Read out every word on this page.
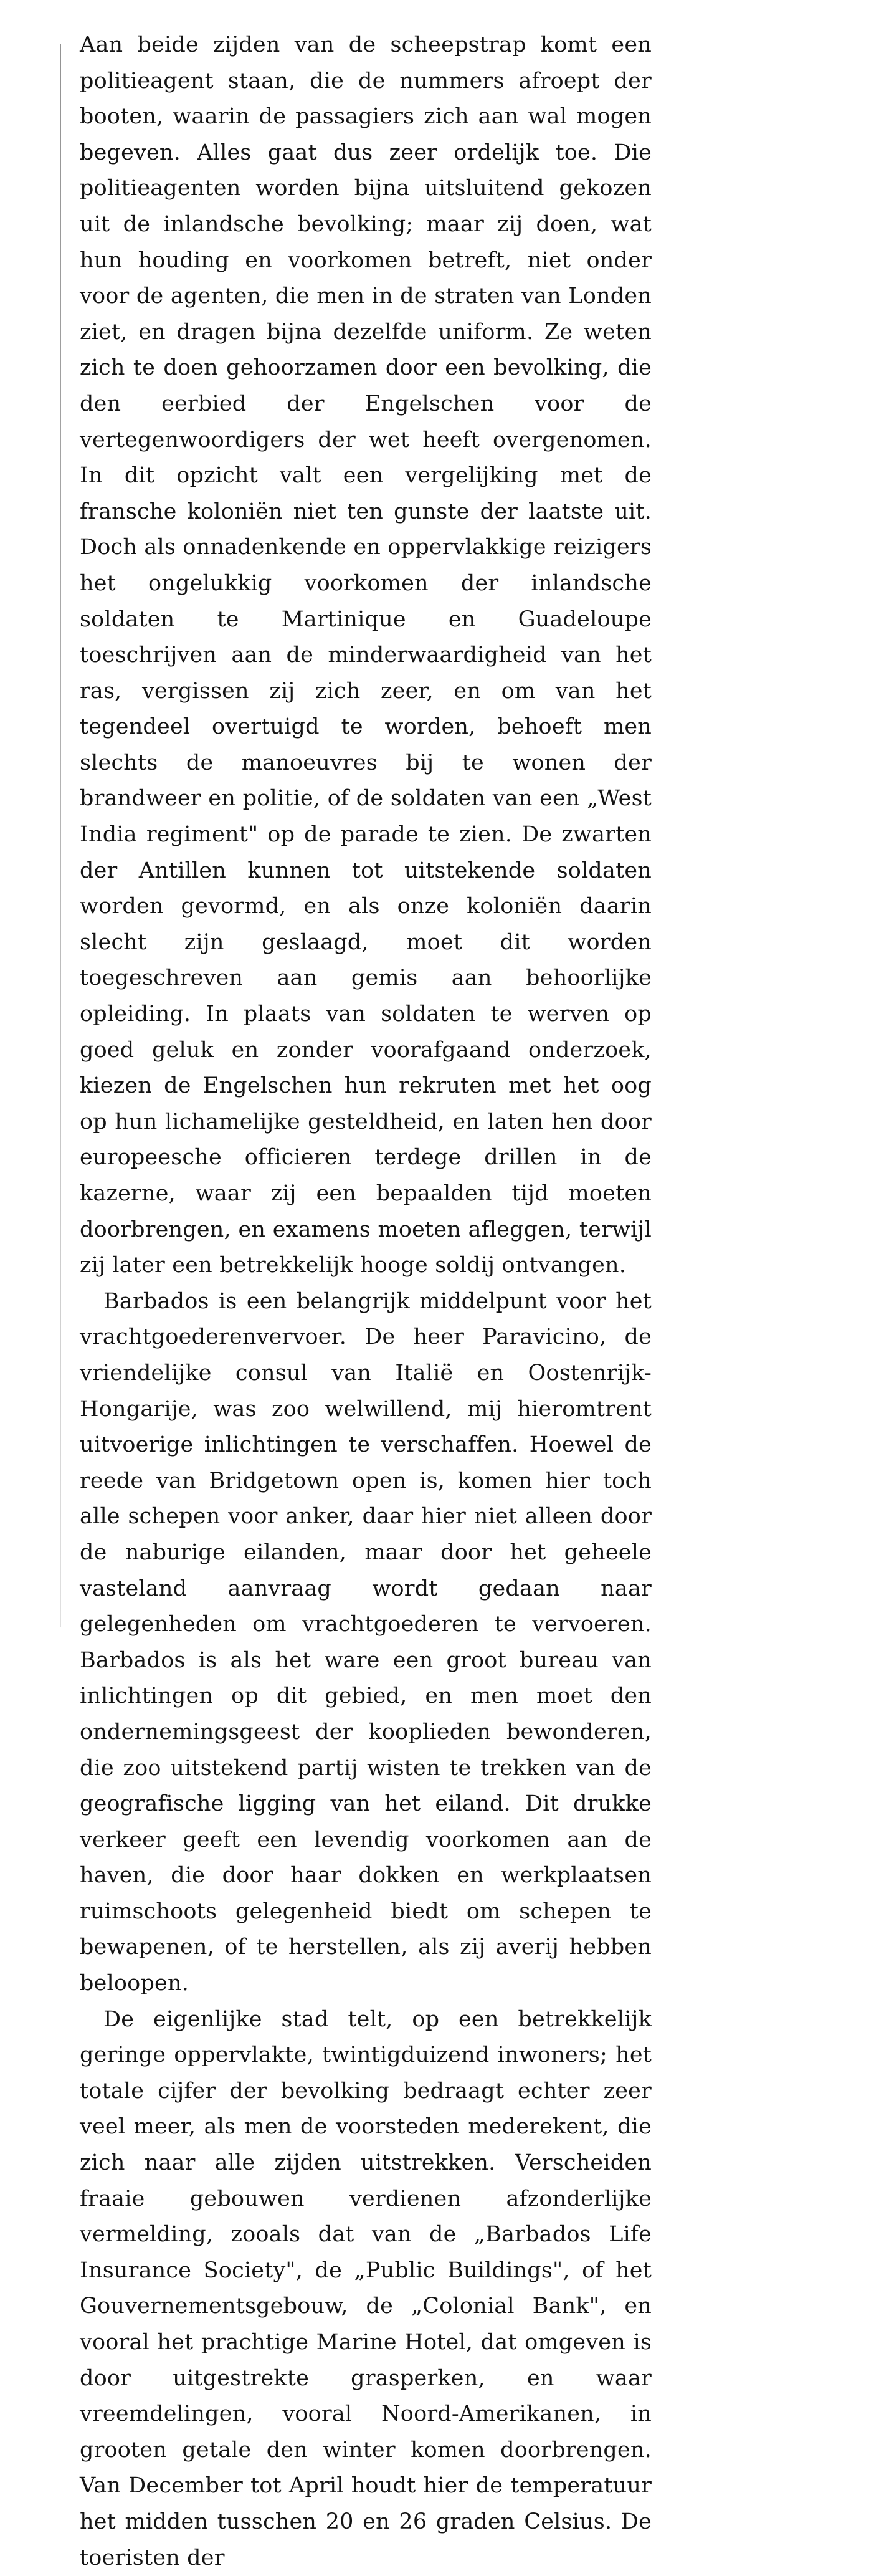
Aan beide zijden van de scheepstrap komt een politieagent staan, die de nummers afroept der booten, waarin de passagiers zich aan wal mogen begeven. Alles gaat dus zeer ordelijk toe. Die politieagenten worden bijna uitsluitend gekozen uit de inlandsche bevolking; maar zij doen, wat hun houding en voorkomen betreft, niet onder voor de agenten, die men in de straten van Londen ziet, en dragen bijna dezelfde uniform. Ze weten zich te doen gehoorzamen door een bevolking, die den eerbied der Engelschen voor de vertegenwoordigers der wet heeft overgenomen. In dit opzicht valt een vergelijking met de fransche koloniën niet ten gunste der laatste uit. Doch als onnadenkende en oppervlakkige reizigers het ongelukkig voorkomen der inlandsche soldaten te Martinique en Guadeloupe toeschrijven aan de minderwaardigheid van het ras, vergissen zij zich zeer, en om van het tegendeel overtuigd te worden, behoeft men slechts de manoeuvres bij te wonen der brandweer en politie, of de soldaten van een „West India regiment" op de parade te zien. De zwarten der Antillen kunnen tot uitstekende soldaten worden gevormd, en als onze koloniën daarin slecht zijn geslaagd, moet dit worden toegeschreven aan gemis aan behoorlijke opleiding. In plaats van soldaten te werven op goed geluk en zonder voorafgaand onderzoek, kiezen de Engelschen hun rekruten met het oog op hun lichamelijke gesteldheid, en laten hen door europeesche officieren terdege drillen in de kazerne, waar zij een bepaalden tijd moeten doorbrengen, en examens moeten afleggen, terwijl zij later een betrekkelijk hooge soldij ontvangen.

Barbados is een belangrijk middelpunt voor het vrachtgoederenvervoer. De heer Paravicino, de vriendelijke consul van Italië en Oostenrijk-Hongarije, was zoo welwillend, mij hieromtrent uitvoerige inlichtingen te verschaffen. Hoewel de reede van Bridgetown open is, komen hier toch alle schepen voor anker, daar hier niet alleen door de naburige eilanden, maar door het geheele vasteland aanvraag wordt gedaan naar gelegenheden om vrachtgoederen te vervoeren. Barbados is als het ware een groot bureau van inlichtingen op dit gebied, en men moet den ondernemingsgeest der kooplieden bewonderen, die zoo uitstekend partij wisten te trekken van de geografische ligging van het eiland. Dit drukke verkeer geeft een levendig voorkomen aan de haven, die door haar dokken en werkplaatsen ruimschoots gelegenheid biedt om schepen te bewapenen, of te herstellen, als zij averij hebben beloopen.

De eigenlijke stad telt, op een betrekkelijk geringe oppervlakte, twintigduizend inwoners; het totale cijfer der bevolking bedraagt echter zeer veel meer, als men de voorsteden mederekent, die zich naar alle zijden uitstrekken. Verscheiden fraaie gebouwen verdienen afzonderlijke vermelding, zooals dat van de „Barbados Life Insurance Society", de „Public Buildings", of het Gouvernementsgebouw, de „Colonial Bank", en vooral het prachtige Marine Hotel, dat omgeven is door uitgestrekte grasperken, en waar vreemdelingen, vooral Noord-Amerikanen, in grooten getale den winter komen doorbrengen. Van December tot April houdt hier de temperatuur het midden tusschen 20 en 26 graden Celsius. De toeristen der
